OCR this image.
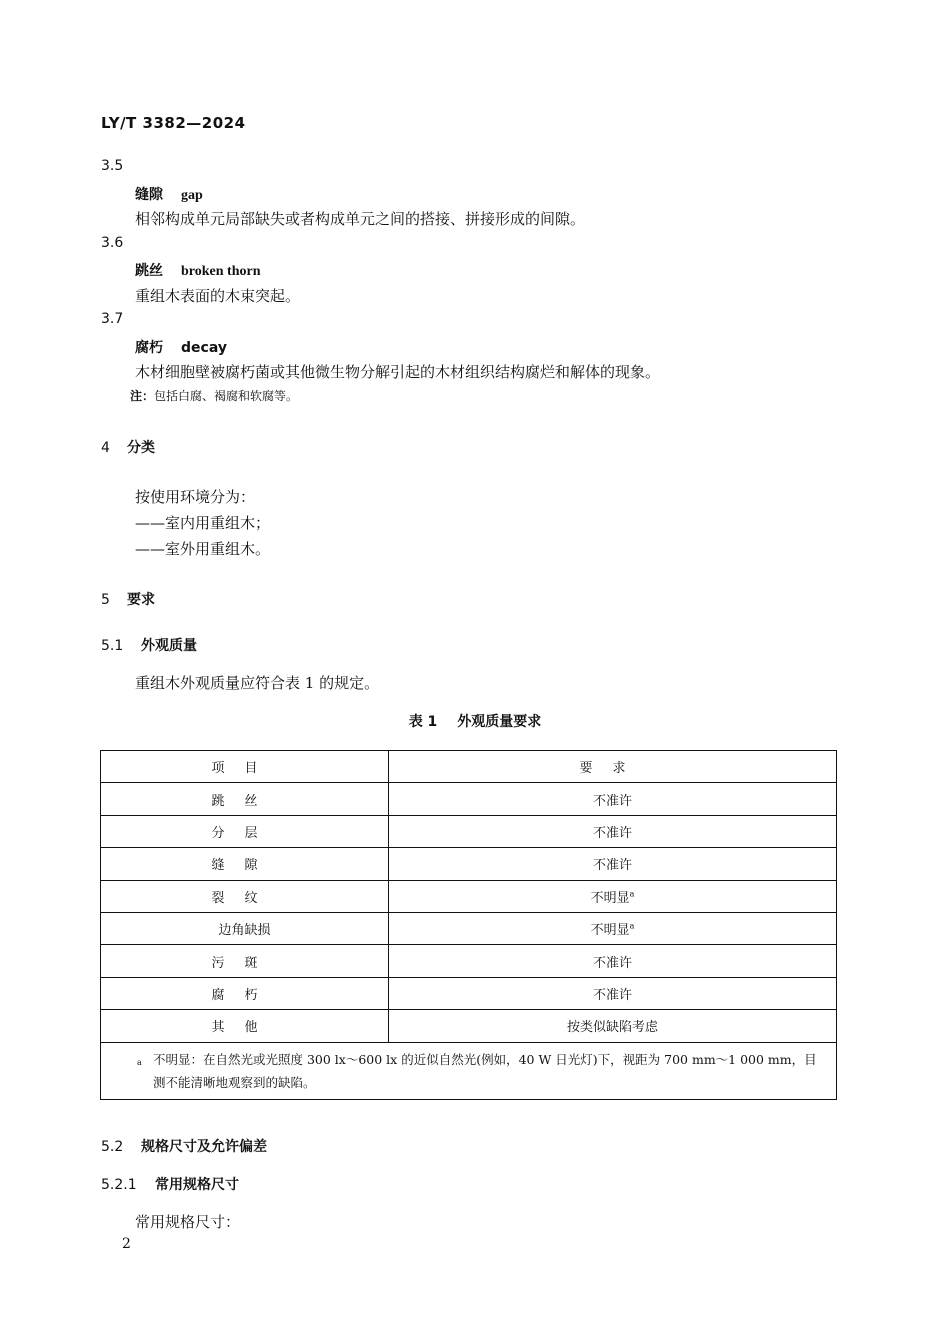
LY/T 3382—2024
3.5
缝隙 gap
相邻构成单元局部缺失或者构成单元之间的搭接、拼接形成的间隙。
3.6
跳丝 broken thorn
重组木表面的木束突起。
3.7
腐朽 decay
木材细胞壁被腐朽菌或其他微生物分解引起的木材组织结构腐烂和解体的现象。
注：包括白腐、褐腐和软腐等。
4 分类
按使用环境分为：
——室内用重组木；
——室外用重组木。
5 要求
5.1 外观质量
重组木外观质量应符合表 1 的规定。
表 1 外观质量要求
项目	要求
跳丝	不准许
分层	不准许
缝隙	不准许
裂纹	不明显$^a$
边角缺损	不明显$^a$
污斑	不准许
腐朽	不准许
其他	按类似缺陷考虑

a 不明显：在自然光或光照度 300 lx～600 lx 的近似自然光(例如，40 W 日光灯)下，视距为 700 mm～1 000 mm，目测不能清晰地观察到的缺陷。	
5.2 规格尺寸及允许偏差
5.2.1 常用规格尺寸
常用规格尺寸：
2
